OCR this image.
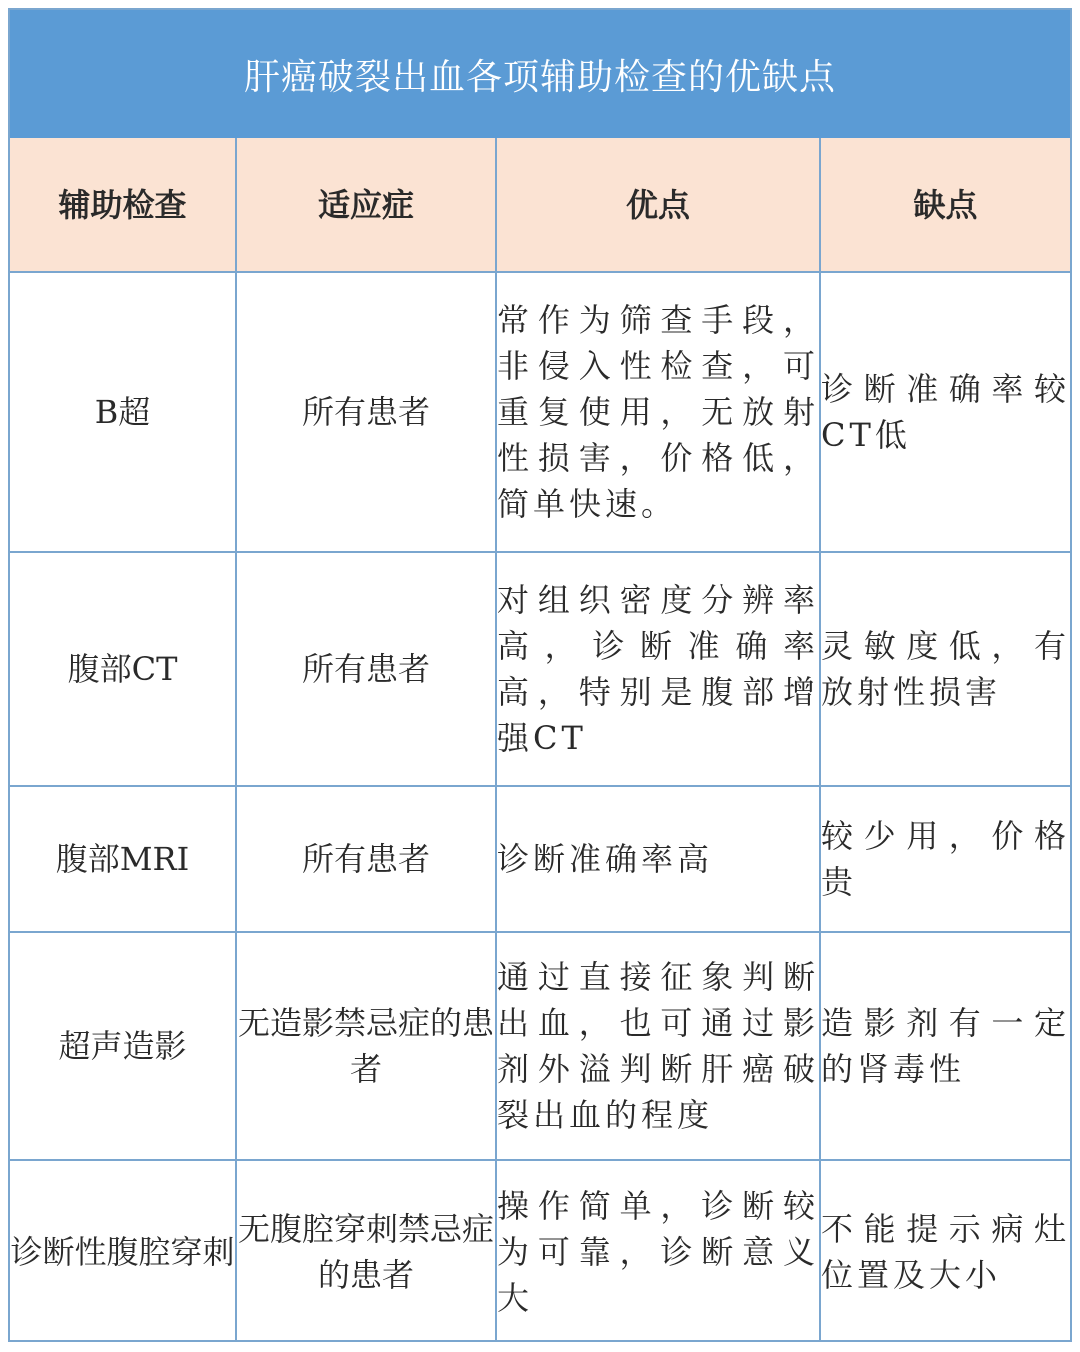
肝癌破裂出血各项辅助检查的优缺点
辅助检查	适应症	优点	缺点
B超	所有患者	常作为筛查手段，非侵入性检查，可重复使用，无放射性损害，价格低，简单快速。	诊断准确率较CT低
腹部CT	所有患者	对组织密度分辨率高，诊断准确率高，特别是腹部增强CT	灵敏度低，有放射性损害
腹部MRI	所有患者	诊断准确率高	较少用，价格贵
超声造影	无造影禁忌症的患者	通过直接征象判断出血，也可通过影剂外溢判断肝癌破裂出血的程度	造影剂有一定的肾毒性
诊断性腹腔穿刺	无腹腔穿刺禁忌症的患者	操作简单，诊断较为可靠，诊断意义大	不能提示病灶位置及大小
